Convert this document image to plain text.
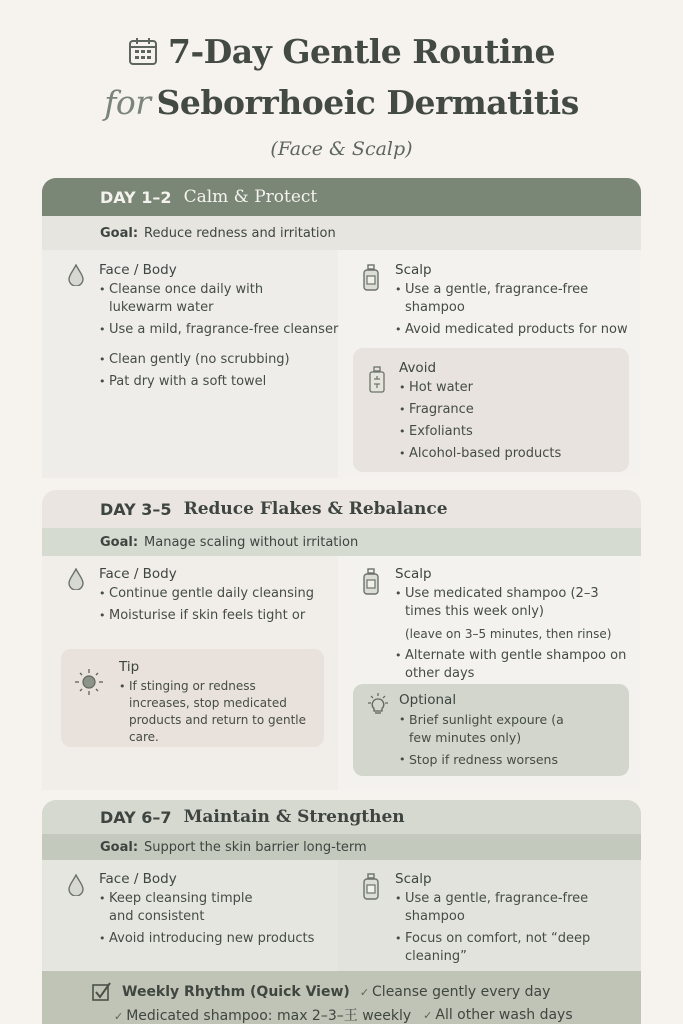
7-Day Gentle Routine
for Seborrhoeic Dermatitis
(Face & Scalp)
DAY 1–2 Calm & Protect
Goal: Reduce redness and irritation
Face / Body
• Cleanse once daily with lukewarm water
• Use a mild, fragrance-free cleanser
• Clean gently (no scrubbing)
• Pat dry with a soft towel
Scalp
• Use a gentle, fragrance-free shampoo
• Avoid medicated products for now
Avoid
• Hot water
• Fragrance
• Exfoliants
• Alcohol-based products
DAY 3–5 Reduce Flakes & Rebalance
Goal: Manage scaling without irritation
Face / Body
• Continue gentle daily cleansing
• Moisturise if skin feels tight or
Tip
• If stinging or redness increases, stop medicated products and return to gentle care.
Scalp
• Use medicated shampoo (2–3 times this week only)
(leave on 3–5 minutes, then rinse)
• Alternate with gentle shampoo on other days
Optional
• Brief sunlight expoure (a few minutes only)
• Stop if redness worsens
DAY 6–7 Maintain & Strengthen
Goal: Support the skin barrier long-term
Face / Body
• Keep cleansing timple and consistent
• Avoid introducing new products
Scalp
• Use a gentle, fragrance-free shampoo
• Focus on comfort, not “deep cleaning”
Weekly Rhythm (Quick View) ✓ Cleanse gently every day
✓ Medicated shampoo: max 2–3–王 weekly ✓ All other wash days
